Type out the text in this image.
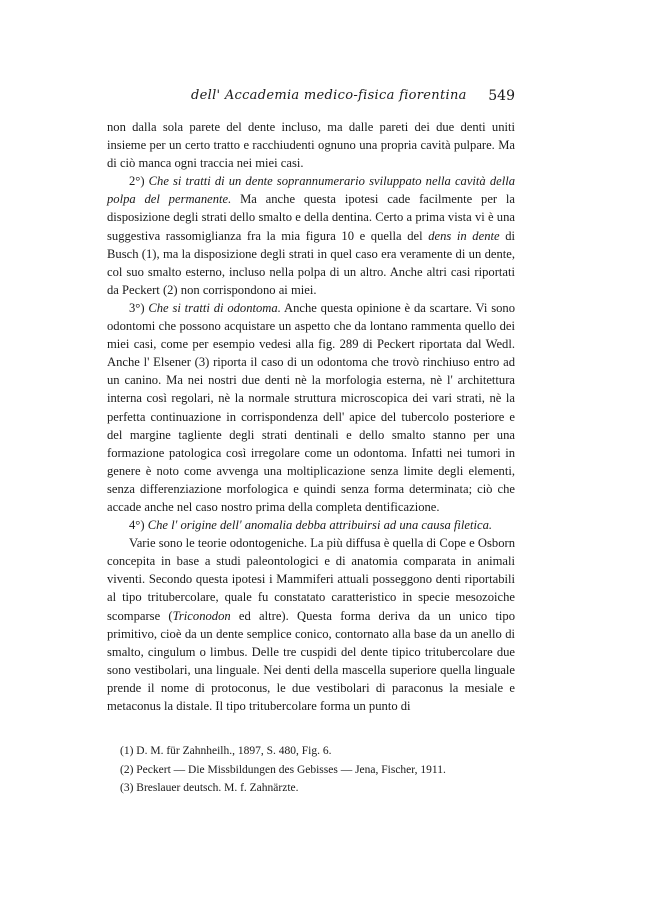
dell' Accademia medico-fisica fiorentina 549

non dalla sola parete del dente incluso, ma dalle pareti dei due denti uniti insieme per un certo tratto e racchiudenti ognuno una propria cavità pulpare. Ma di ciò manca ogni traccia nei miei casi.

2°) Che si tratti di un dente soprannumerario sviluppato nella cavità della polpa del permanente. Ma anche questa ipotesi cade facilmente per la disposizione degli strati dello smalto e della dentina. Certo a prima vista vi è una suggestiva rassomiglianza fra la mia figura 10 e quella del dens in dente di Busch (1), ma la disposizione degli strati in quel caso era veramente di un dente, col suo smalto esterno, incluso nella polpa di un altro. Anche altri casi riportati da Peckert (2) non corrispondono ai miei.

3°) Che si tratti di odontoma. Anche questa opinione è da scartare. Vi sono odontomi che possono acquistare un aspetto che da lontano rammenta quello dei miei casi, come per esempio vedesi alla fig. 289 di Peckert riportata dal Wedl. Anche l' Elsener (3) riporta il caso di un odontoma che trovò rinchiuso entro ad un canino. Ma nei nostri due denti nè la morfologia esterna, nè l' architettura interna così regolari, nè la normale struttura microscopica dei vari strati, nè la perfetta continuazione in corrispondenza dell' apice del tubercolo posteriore e del margine tagliente degli strati dentinali e dello smalto stanno per una formazione patologica così irregolare come un odontoma. Infatti nei tumori in genere è noto come avvenga una moltiplicazione senza limite degli elementi, senza differenziazione morfologica e quindi senza forma determinata; ciò che accade anche nel caso nostro prima della completa dentificazione.

4°) Che l' origine dell' anomalia debba attribuirsi ad una causa filetica.

Varie sono le teorie odontogeniche. La più diffusa è quella di Cope e Osborn concepita in base a studi paleontologici e di anatomia comparata in animali viventi. Secondo questa ipotesi i Mammiferi attuali posseggono denti riportabili al tipo tritubercolare, quale fu constatato caratteristico in specie mesozoiche scomparse (Triconodon ed altre). Questa forma deriva da un unico tipo primitivo, cioè da un dente semplice conico, contornato alla base da un anello di smalto, cingulum o limbus. Delle tre cuspidi del dente tipico tritubercolare due sono vestibolari, una linguale. Nei denti della mascella superiore quella linguale prende il nome di protoconus, le due vestibolari di paraconus la mesiale e metaconus la distale. Il tipo tritubercolare forma un punto di

(1) D. M. für Zahnheilh., 1897, S. 480, Fig. 6.
(2) Peckert — Die Missbildungen des Gebisses — Jena, Fischer, 1911.
(3) Breslauer deutsch. M. f. Zahnärzte.
